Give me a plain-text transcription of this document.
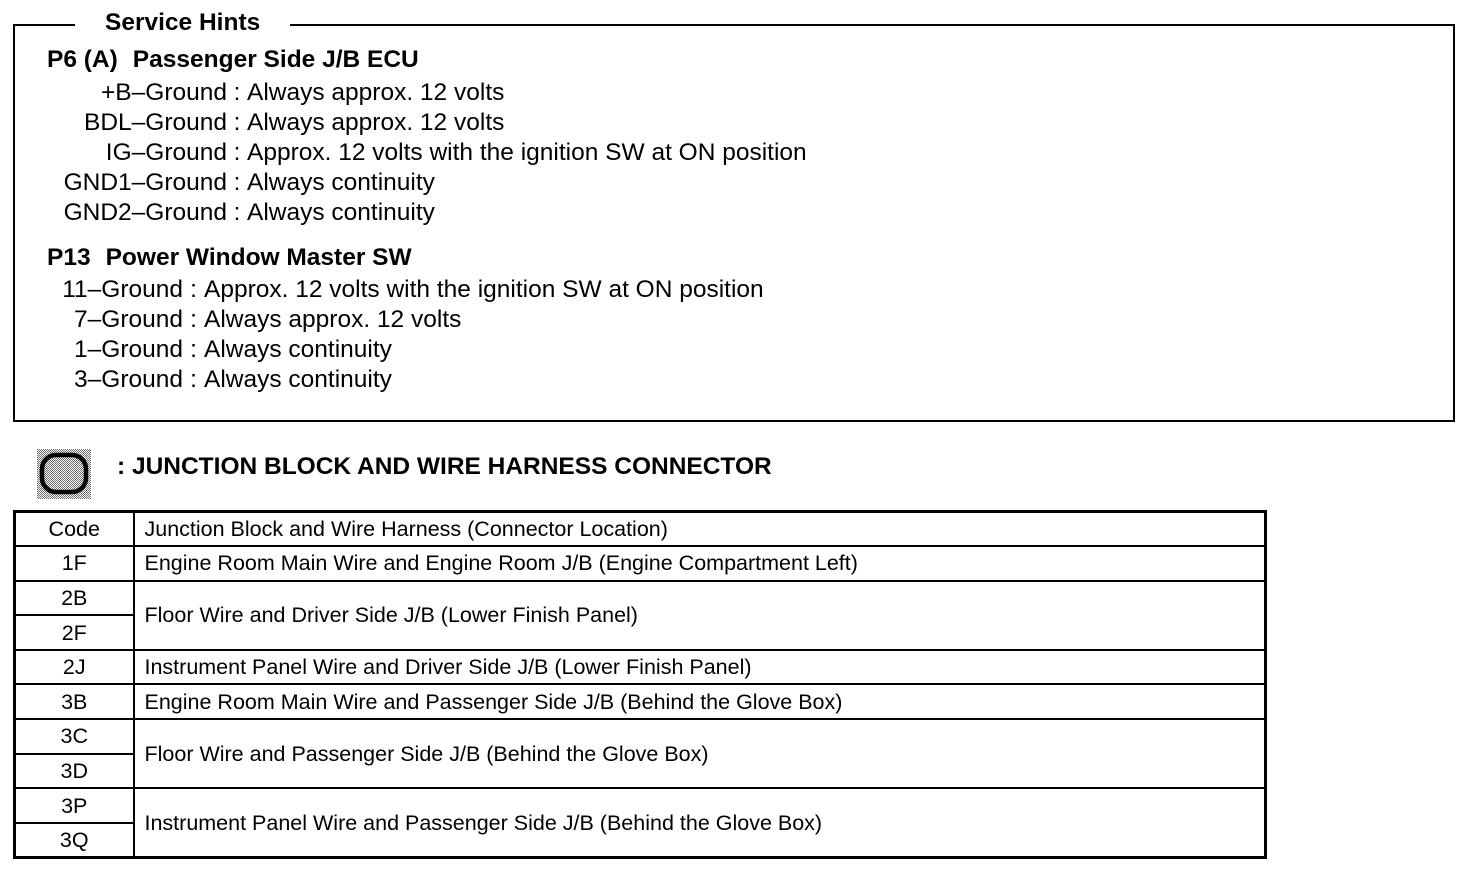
Service Hints
P6 (A) Passenger Side J/B ECU
+B–Ground : Always approx. 12 volts
BDL–Ground : Always approx. 12 volts
IG–Ground : Approx. 12 volts with the ignition SW at ON position
GND1–Ground : Always continuity
GND2–Ground : Always continuity
P13 Power Window Master SW
11–Ground : Approx. 12 volts with the ignition SW at ON position
7–Ground : Always approx. 12 volts
1–Ground : Always continuity
3–Ground : Always continuity
: JUNCTION BLOCK AND WIRE HARNESS CONNECTOR
Code	Junction Block and Wire Harness (Connector Location)
1F	Engine Room Main Wire and Engine Room J/B (Engine Compartment Left)
2B	Floor Wire and Driver Side J/B (Lower Finish Panel)
2F	
2J	Instrument Panel Wire and Driver Side J/B (Lower Finish Panel)
3B	Engine Room Main Wire and Passenger Side J/B (Behind the Glove Box)
3C	Floor Wire and Passenger Side J/B (Behind the Glove Box)
3D	
3P	Instrument Panel Wire and Passenger Side J/B (Behind the Glove Box)
3Q	
